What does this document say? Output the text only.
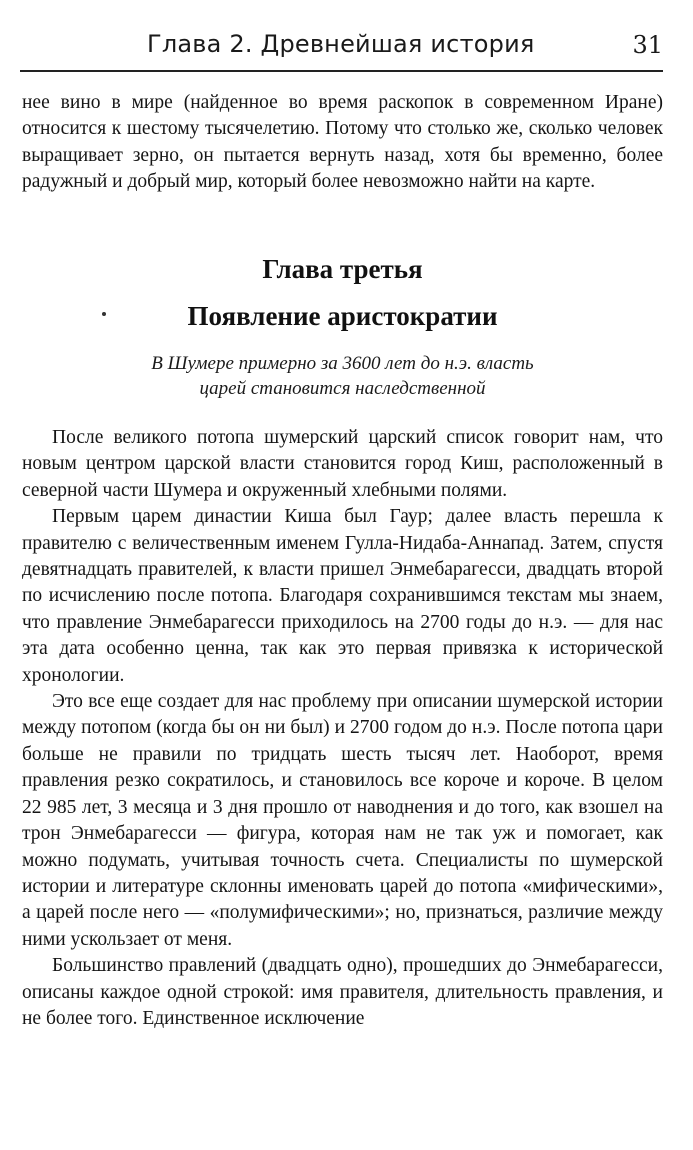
Глава 2. Древнейшая история	31

нее вино в мире (найденное во время раскопок в современном Иране) относится к шестому тысячелетию. Потому что столько же, сколько человек выращивает зерно, он пытается вернуть назад, хотя бы временно, более радужный и добрый мир, который более невозможно найти на карте.

Глава третья
Появление аристократии
В Шумере примерно за 3600 лет до н.э. власть
царей становится наследственной

После великого потопа шумерский царский список говорит нам, что новым центром царской власти становится город Киш, расположенный в северной части Шумера и окруженный хлебными полями.

Первым царем династии Киша был Гаур; далее власть перешла к правителю с величественным именем Гулла-Нидаба-Аннапад. Затем, спустя девятнадцать правителей, к власти пришел Энмебарагесси, двадцать второй по исчислению после потопа. Благодаря сохранившимся текстам мы знаем, что правление Энмебарагесси приходилось на 2700 годы до н.э. — для нас эта дата особенно ценна, так как это первая привязка к исторической хронологии.

Это все еще создает для нас проблему при описании шумерской истории между потопом (когда бы он ни был) и 2700 годом до н.э. После потопа цари больше не правили по тридцать шесть тысяч лет. Наоборот, время правления резко сократилось, и становилось все короче и короче. В целом 22 985 лет, 3 месяца и 3 дня прошло от наводнения и до того, как взошел на трон Энмебарагесси — фигура, которая нам не так уж и помогает, как можно подумать, учитывая точность счета. Специалисты по шумерской истории и литературе склонны именовать царей до потопа «мифическими», а царей после него — «полумифическими»; но, признаться, различие между ними ускользает от меня.

Большинство правлений (двадцать одно), прошедших до Энмебарагесси, описаны каждое одной строкой: имя правителя, длительность правления, и не более того. Единственное исключение
